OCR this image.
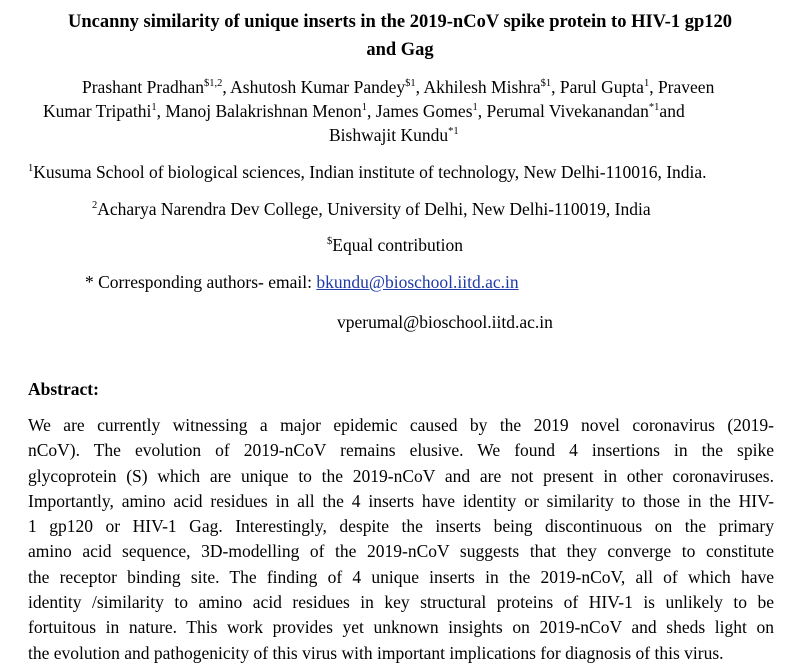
Uncanny similarity of unique inserts in the 2019-nCoV spike protein to HIV-1 gp120
and Gag
Prashant Pradhan$^{\$1,2}$, Ashutosh Kumar Pandey$^{\$1}$, Akhilesh Mishra$^{\$1}$, Parul Gupta$^1$, Praveen
Kumar Tripathi$^1$, Manoj Balakrishnan Menon$^1$, James Gomes$^1$, Perumal Vivekanandan$^{*1}$and
Bishwajit Kundu$^{*1}$
$^1$Kusuma School of biological sciences, Indian institute of technology, New Delhi-110016, India.
$^2$Acharya Narendra Dev College, University of Delhi, New Delhi-110019, India
$Equal contribution
* Corresponding authors- email: bkundu@bioschool.iitd.ac.in
vperumal@bioschool.iitd.ac.in
Abstract:
We are currently witnessing a major epidemic caused by the 2019 novel coronavirus (2019-
nCoV). The evolution of 2019-nCoV remains elusive. We found 4 insertions in the spike
glycoprotein (S) which are unique to the 2019-nCoV and are not present in other coronaviruses.
Importantly, amino acid residues in all the 4 inserts have identity or similarity to those in the HIV-
1 gp120 or HIV-1 Gag. Interestingly, despite the inserts being discontinuous on the primary
amino acid sequence, 3D-modelling of the 2019-nCoV suggests that they converge to constitute
the receptor binding site. The finding of 4 unique inserts in the 2019-nCoV, all of which have
identity /similarity to amino acid residues in key structural proteins of HIV-1 is unlikely to be
fortuitous in nature. This work provides yet unknown insights on 2019-nCoV and sheds light on
the evolution and pathogenicity of this virus with important implications for diagnosis of this virus.
